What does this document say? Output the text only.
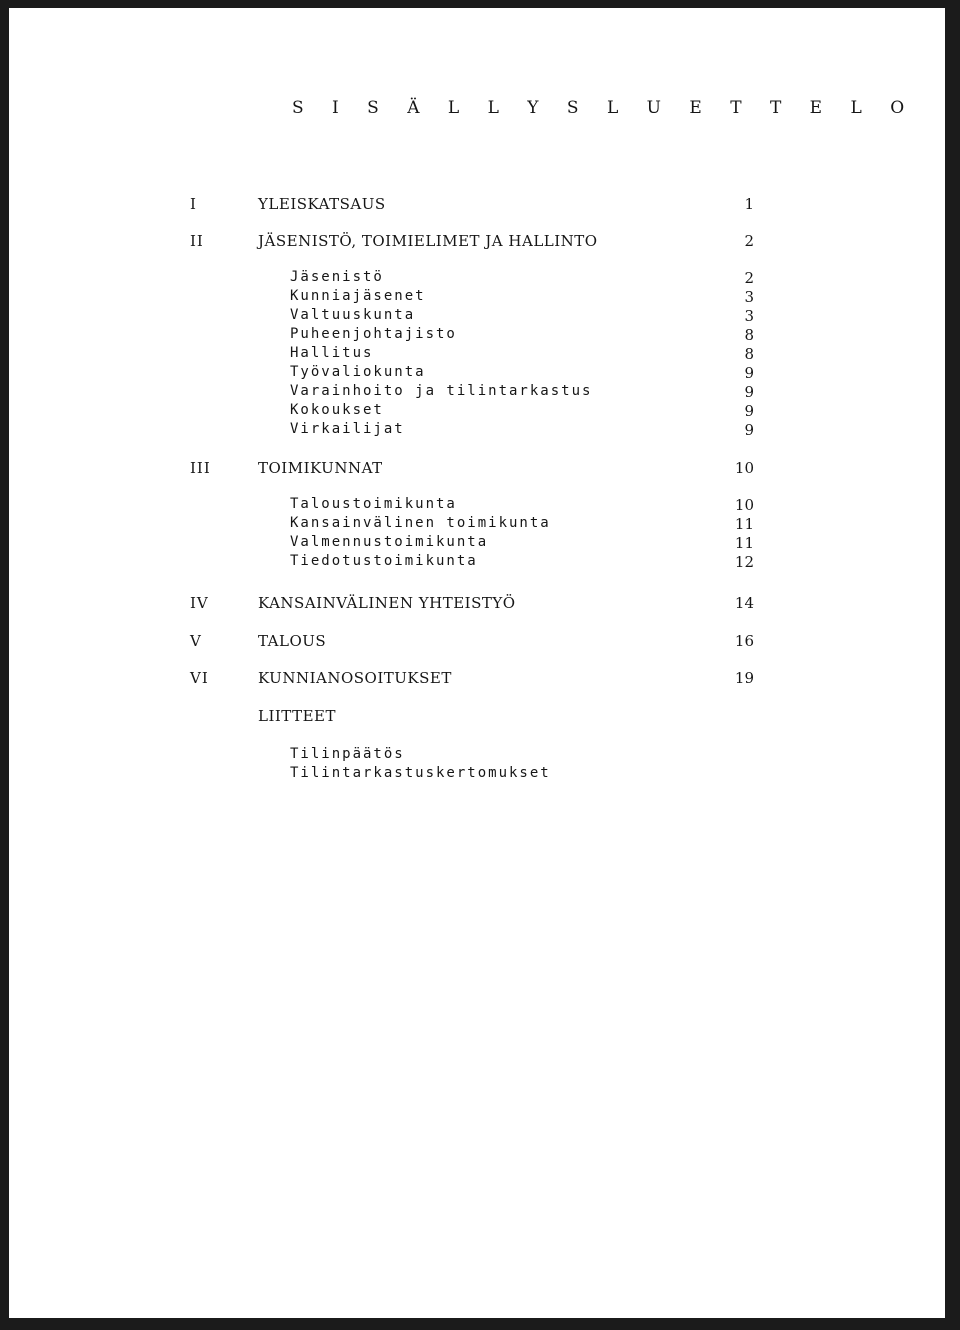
S I S Ä L L Y S L U E T T E L O
I	YLEISKATSAUS	1
II	JÄSENISTÖ, TOIMIELIMET JA HALLINTO	2
Jäsenistö	2
Kunniajäsenet	3
Valtuuskunta	3
Puheenjohtajisto	8
Hallitus	8
Työvaliokunta	9
Varainhoito ja tilintarkastus	9
Kokoukset	9
Virkailijat	9
III	TOIMIKUNNAT	10
Taloustoimikunta	10
Kansainvälinen toimikunta	11
Valmennustoimikunta	11
Tiedotustoimikunta	12
IV	KANSAINVÄLINEN YHTEISTYÖ	14
V	TALOUS	16
VI	KUNNIANOSOITUKSET	19
LIITTEET
Tilinpäätös
Tilintarkastuskertomukset
